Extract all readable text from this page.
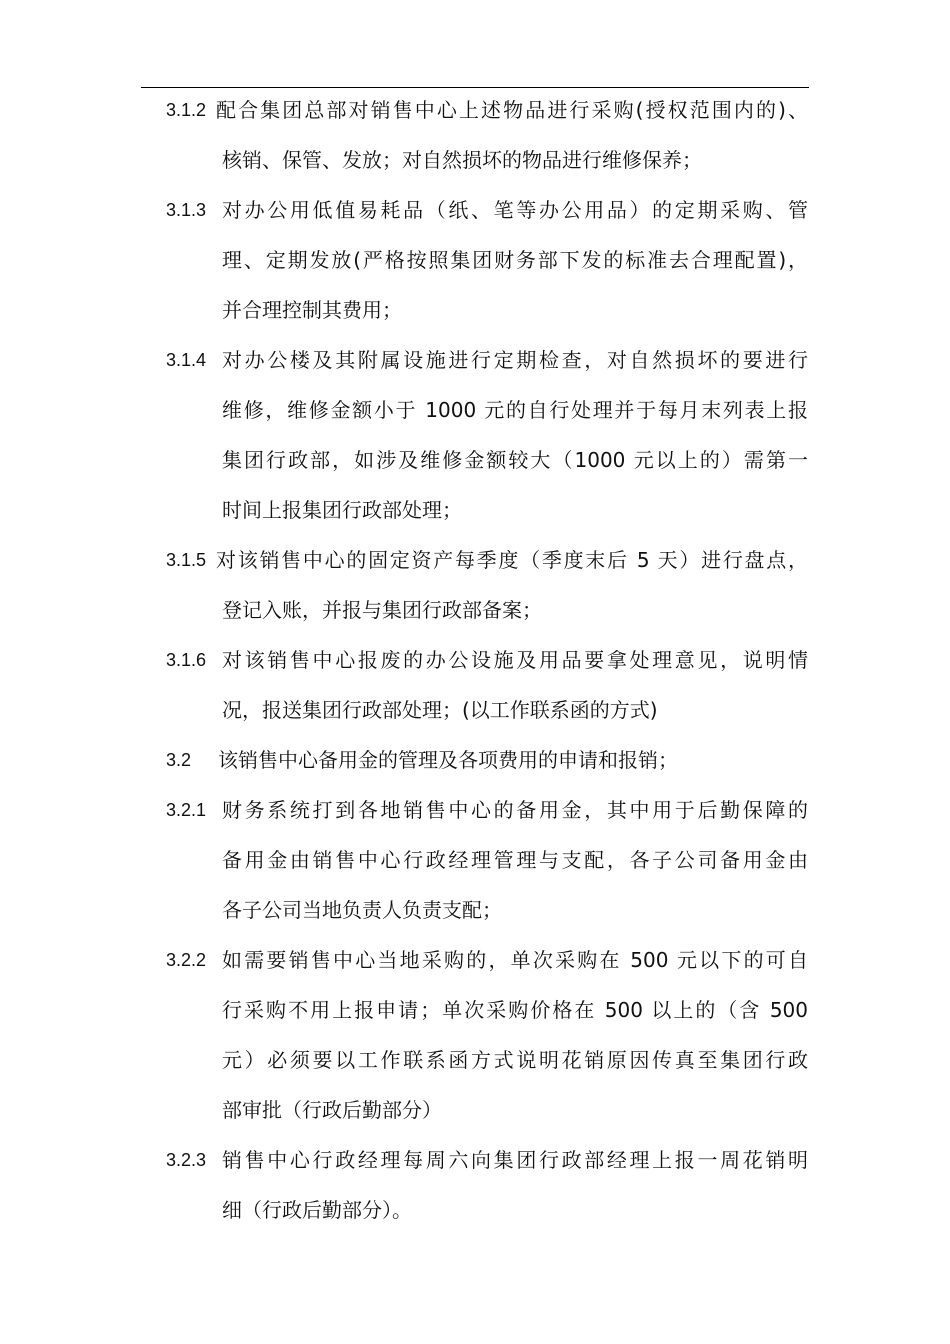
3.1.2 配合集团总部对销售中心上述物品进行采购(授权范围内的)、
核销、保管、发放；对自然损坏的物品进行维修保养；
3.1.3 对办公用低值易耗品（纸、笔等办公用品）的定期采购、管
理、定期发放(严格按照集团财务部下发的标准去合理配置)，
并合理控制其费用；
3.1.4 对办公楼及其附属设施进行定期检查，对自然损坏的要进行
维修，维修金额小于 1000 元的自行处理并于每月末列表上报
集团行政部，如涉及维修金额较大（1000 元以上的）需第一
时间上报集团行政部处理；
3.1.5 对该销售中心的固定资产每季度（季度末后 5 天）进行盘点，
登记入账，并报与集团行政部备案；
3.1.6 对该销售中心报废的办公设施及用品要拿处理意见，说明情
况，报送集团行政部处理；(以工作联系函的方式)
3.2 该销售中心备用金的管理及各项费用的申请和报销；
3.2.1 财务系统打到各地销售中心的备用金，其中用于后勤保障的
备用金由销售中心行政经理管理与支配，各子公司备用金由
各子公司当地负责人负责支配；
3.2.2 如需要销售中心当地采购的，单次采购在 500 元以下的可自
行采购不用上报申请；单次采购价格在 500 以上的（含 500
元）必须要以工作联系函方式说明花销原因传真至集团行政
部审批（行政后勤部分）
3.2.3 销售中心行政经理每周六向集团行政部经理上报一周花销明
细（行政后勤部分）。
